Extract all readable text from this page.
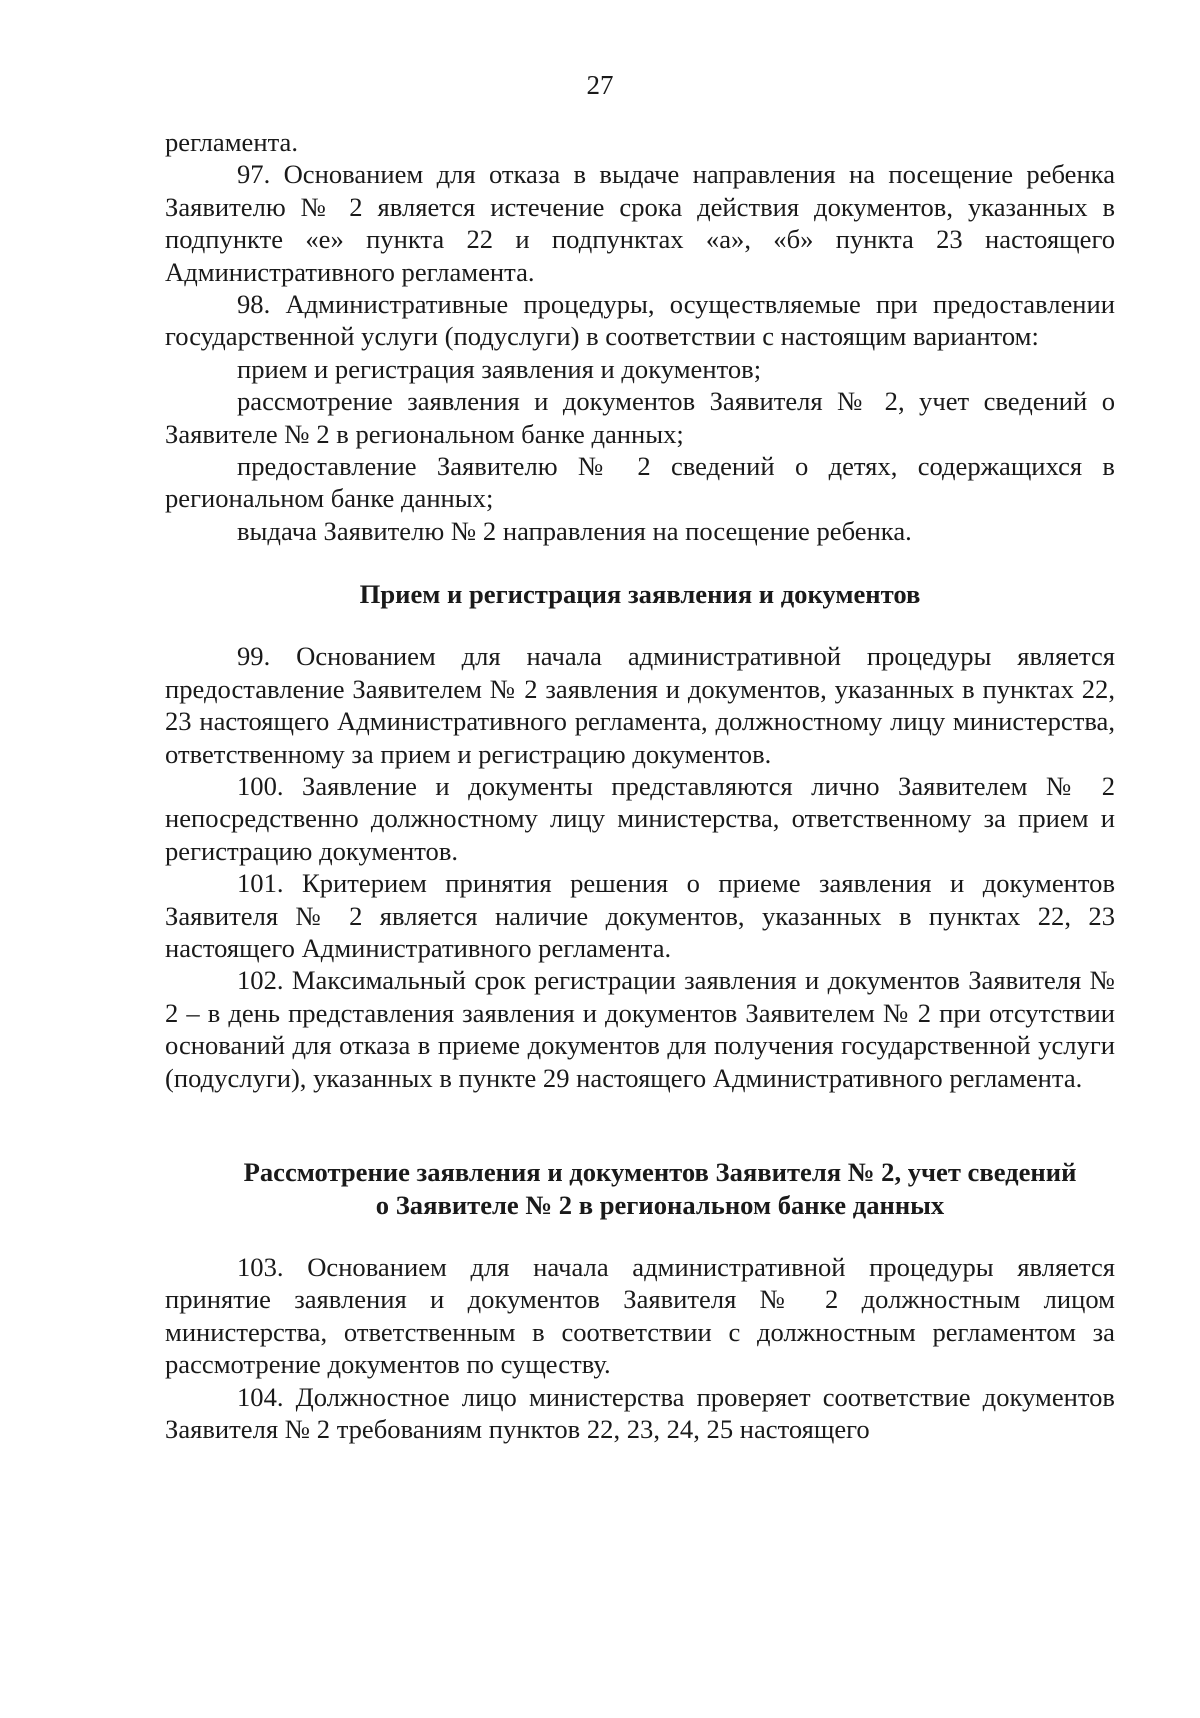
27

регламента.

97. Основанием для отказа в выдаче направления на посещение ребенка Заявителю № 2 является истечение срока действия документов, указанных в подпункте «е» пункта 22 и подпунктах «а», «б» пункта 23 настоящего Административного регламента.

98. Административные процедуры, осуществляемые при предоставлении государственной услуги (подуслуги) в соответствии с настоящим вариантом:

прием и регистрация заявления и документов;

рассмотрение заявления и документов Заявителя № 2, учет сведений о Заявителе № 2 в региональном банке данных;

предоставление Заявителю № 2 сведений о детях, содержащихся в региональном банке данных;

выдача Заявителю № 2 направления на посещение ребенка.

Прием и регистрация заявления и документов

99. Основанием для начала административной процедуры является предоставление Заявителем № 2 заявления и документов, указанных в пунктах 22, 23 настоящего Административного регламента, должностному лицу министерства, ответственному за прием и регистрацию документов.

100. Заявление и документы представляются лично Заявителем № 2 непосредственно должностному лицу министерства, ответственному за прием и регистрацию документов.

101. Критерием принятия решения о приеме заявления и документов Заявителя № 2 является наличие документов, указанных в пунктах 22, 23 настоящего Административного регламента.

102. Максимальный срок регистрации заявления и документов Заявителя № 2 – в день представления заявления и документов Заявителем № 2 при отсутствии оснований для отказа в приеме документов для получения государственной услуги (подуслуги), указанных в пункте 29 настоящего Административного регламента.

Рассмотрение заявления и документов Заявителя № 2, учет сведений о Заявителе № 2 в региональном банке данных

103. Основанием для начала административной процедуры является принятие заявления и документов Заявителя № 2 должностным лицом министерства, ответственным в соответствии с должностным регламентом за рассмотрение документов по существу.

104. Должностное лицо министерства проверяет соответствие документов Заявителя № 2 требованиям пунктов 22, 23, 24, 25 настоящего
